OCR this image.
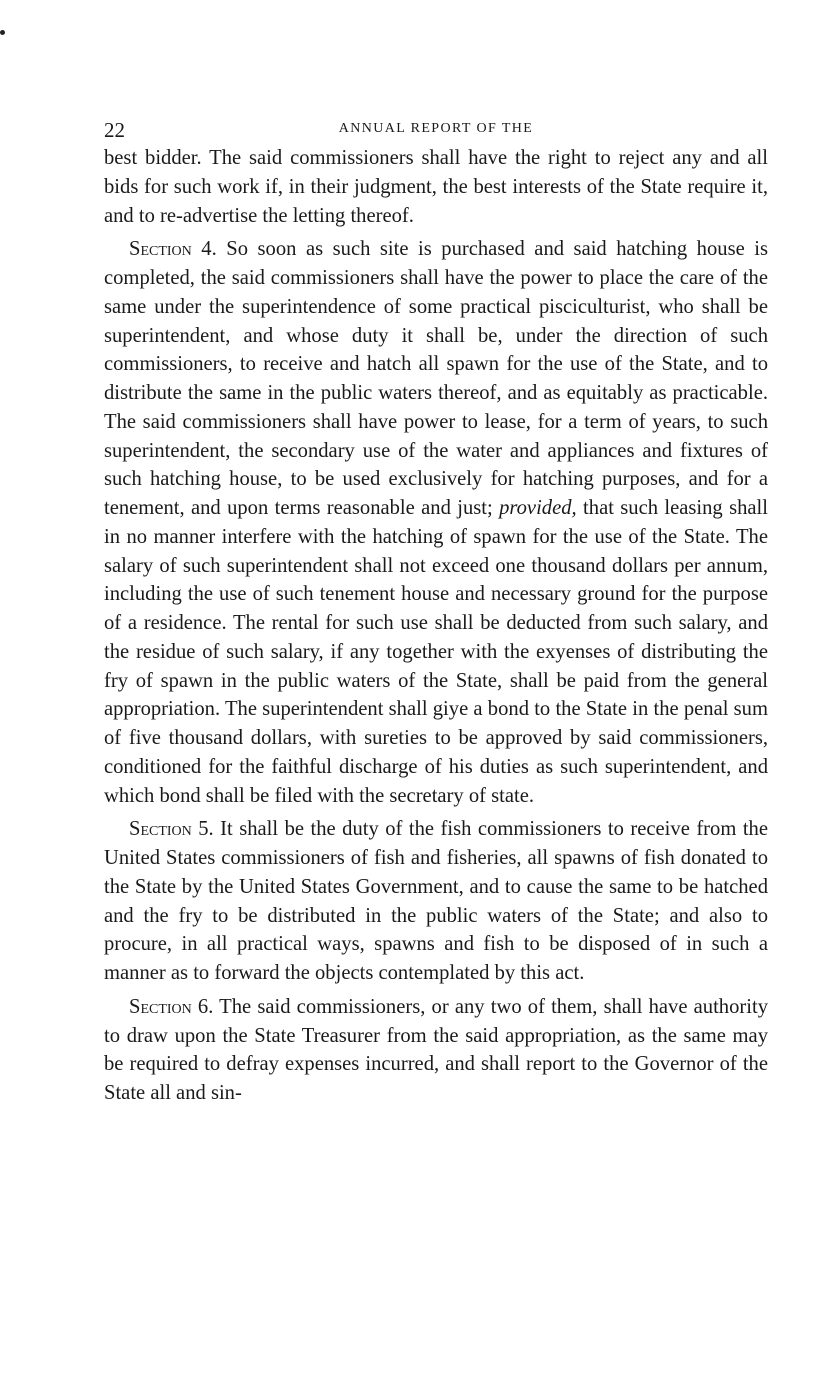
22	ANNUAL REPORT OF THE

best bidder. The said commissioners shall have the right to reject any and all bids for such work if, in their judgment, the best interests of the State require it, and to re-advertise the letting thereof.

Section 4. So soon as such site is purchased and said hatching house is completed, the said commissioners shall have the power to place the care of the same under the superintendence of some practical pisciculturist, who shall be superintendent, and whose duty it shall be, under the direction of such commissioners, to receive and hatch all spawn for the use of the State, and to distribute the same in the public waters thereof, and as equitably as practicable. The said commissioners shall have power to lease, for a term of years, to such superintendent, the secondary use of the water and appliances and fixtures of such hatching house, to be used exclusively for hatching purposes, and for a tenement, and upon terms reasonable and just; provided, that such leasing shall in no manner interfere with the hatching of spawn for the use of the State. The salary of such superintendent shall not exceed one thousand dollars per annum, including the use of such tenement house and necessary ground for the purpose of a residence. The rental for such use shall be deducted from such salary, and the residue of such salary, if any together with the exyenses of distributing the fry of spawn in the public waters of the State, shall be paid from the general appropriation. The superintendent shall giye a bond to the State in the penal sum of five thousand dollars, with sureties to be approved by said commissioners, conditioned for the faithful discharge of his duties as such superintendent, and which bond shall be filed with the secretary of state.

Section 5. It shall be the duty of the fish commissioners to receive from the United States commissioners of fish and fisheries, all spawns of fish donated to the State by the United States Government, and to cause the same to be hatched and the fry to be distributed in the public waters of the State; and also to procure, in all practical ways, spawns and fish to be disposed of in such a manner as to forward the objects contemplated by this act.

Section 6. The said commissioners, or any two of them, shall have authority to draw upon the State Treasurer from the said appropriation, as the same may be required to defray expenses incurred, and shall report to the Governor of the State all and sin-
